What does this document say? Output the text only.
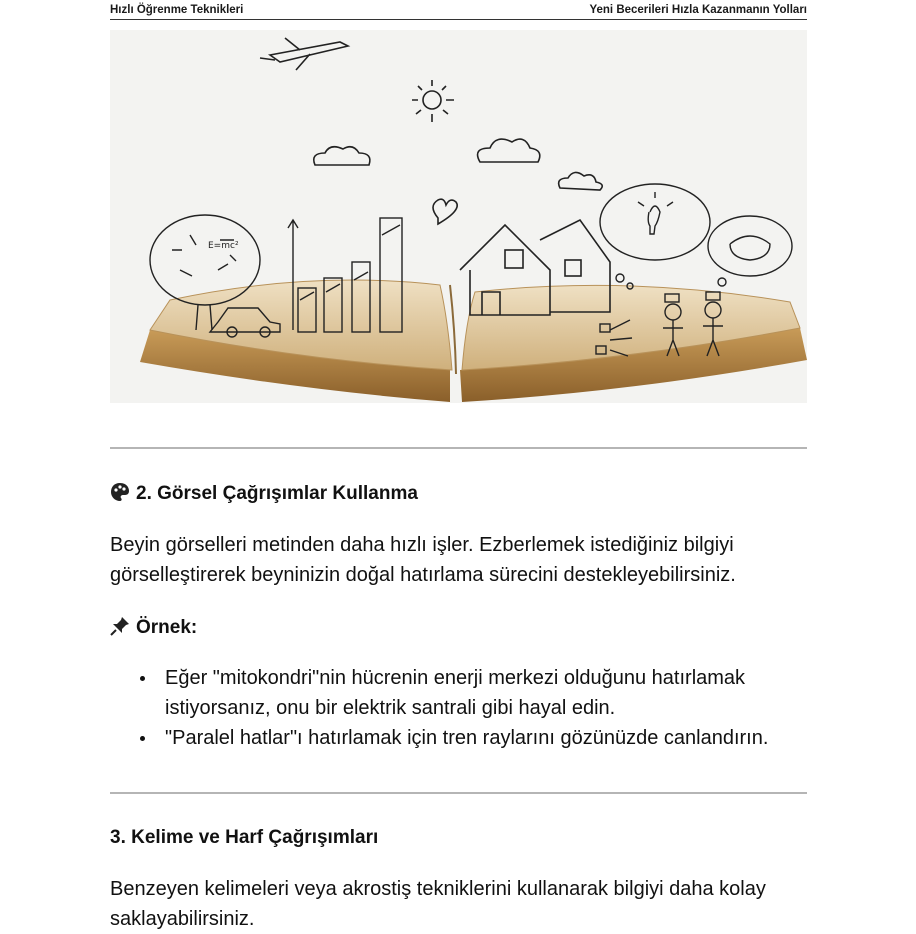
Hızlı Öğrenme Teknikleri	Yeni Becerileri Hızla Kazanmanın Yolları
E=mc²
2. Görsel Çağrışımlar Kullanma

Beyin görselleri metinden daha hızlı işler. Ezberlemek istediğiniz bilgiyi
görselleştirerek beyninizin doğal hatırlama sürecini destekleyebilirsiniz.

Örnek:
Eğer "mitokondri"nin hücrenin enerji merkezi olduğunu hatırlamak
istiyorsanız, onu bir elektrik santrali gibi hayal edin.
"Paralel hatlar"ı hatırlamak için tren raylarını gözünüzde canlandırın.
3. Kelime ve Harf Çağrışımları

Benzeyen kelimeleri veya akrostiş tekniklerini kullanarak bilgiyi daha kolay
saklayabilirsiniz.
